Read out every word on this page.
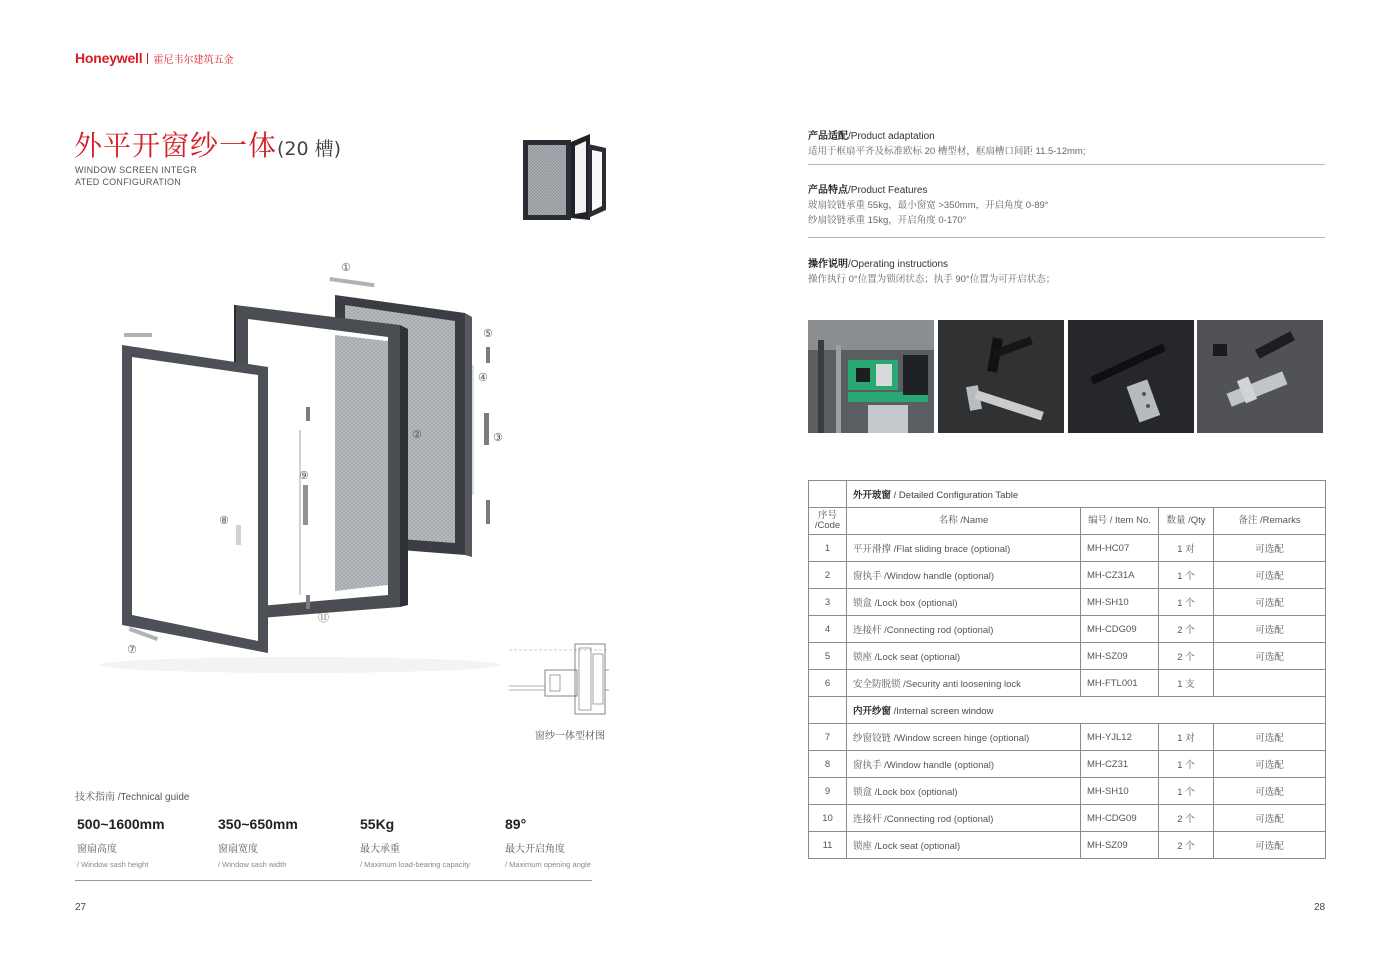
Honeywell 霍尼韦尔建筑五金
外平开窗纱一体(20 槽)
WINDOW SCREEN INTEGR
ATED CONFIGURATION
①
②	③
④
⑤
⑦
⑧
⑨
⑩
⑪
窗纱一体型材图
技术指南 /Technical guide
500~1600mm
窗扇高度
/ Window sash height
350~650mm
窗扇宽度
/ Window sash width
55Kg
最大承重
/ Maximum load-bearing capacity
89°
最大开启角度
/ Maximum opening angle
27
产品适配/Product adaptation
适用于框扇平齐及标准欧标 20 槽型材，框扇槽口间距 11.5-12mm;
产品特点/Product Features
玻扇铰链承重 55kg，最小窗宽 >350mm，开启角度 0-89°
纱扇铰链承重 15kg，开启角度 0-170°
操作说明/Operating instructions
操作执行 0°位置为锁闭状态；执手 90°位置为可开启状态；
	外开玻窗 / Detailed Configuration Table			

序号
/Code	名称 /Name	编号 / Item No.	数量 /Qty	备注 /Remarks
1	平开滑撑 /Flat sliding brace (optional)	MH-HC07	1 对	可选配
2	窗执手 /Window handle (optional)	MH-CZ31A	1 个	可选配
3	锁盒 /Lock box (optional)	MH-SH10	1 个	可选配
4	连接杆 /Connecting rod (optional)	MH-CDG09	2 个	可选配
5	锁座 /Lock seat (optional)	MH-SZ09	2 个	可选配
6	安全防脱锁 /Security anti loosening lock	MH-FTL001	1 支	
	内开纱窗 /Internal screen window			
7	纱窗铰链 /Window screen hinge (optional)	MH-YJL12	1 对	可选配
8	窗执手 /Window handle (optional)	MH-CZ31	1 个	可选配
9	锁盒 /Lock box (optional)	MH-SH10	1 个	可选配
10	连接杆 /Connecting rod (optional)	MH-CDG09	2 个	可选配
11	锁座 /Lock seat (optional)	MH-SZ09	2 个	可选配
28
